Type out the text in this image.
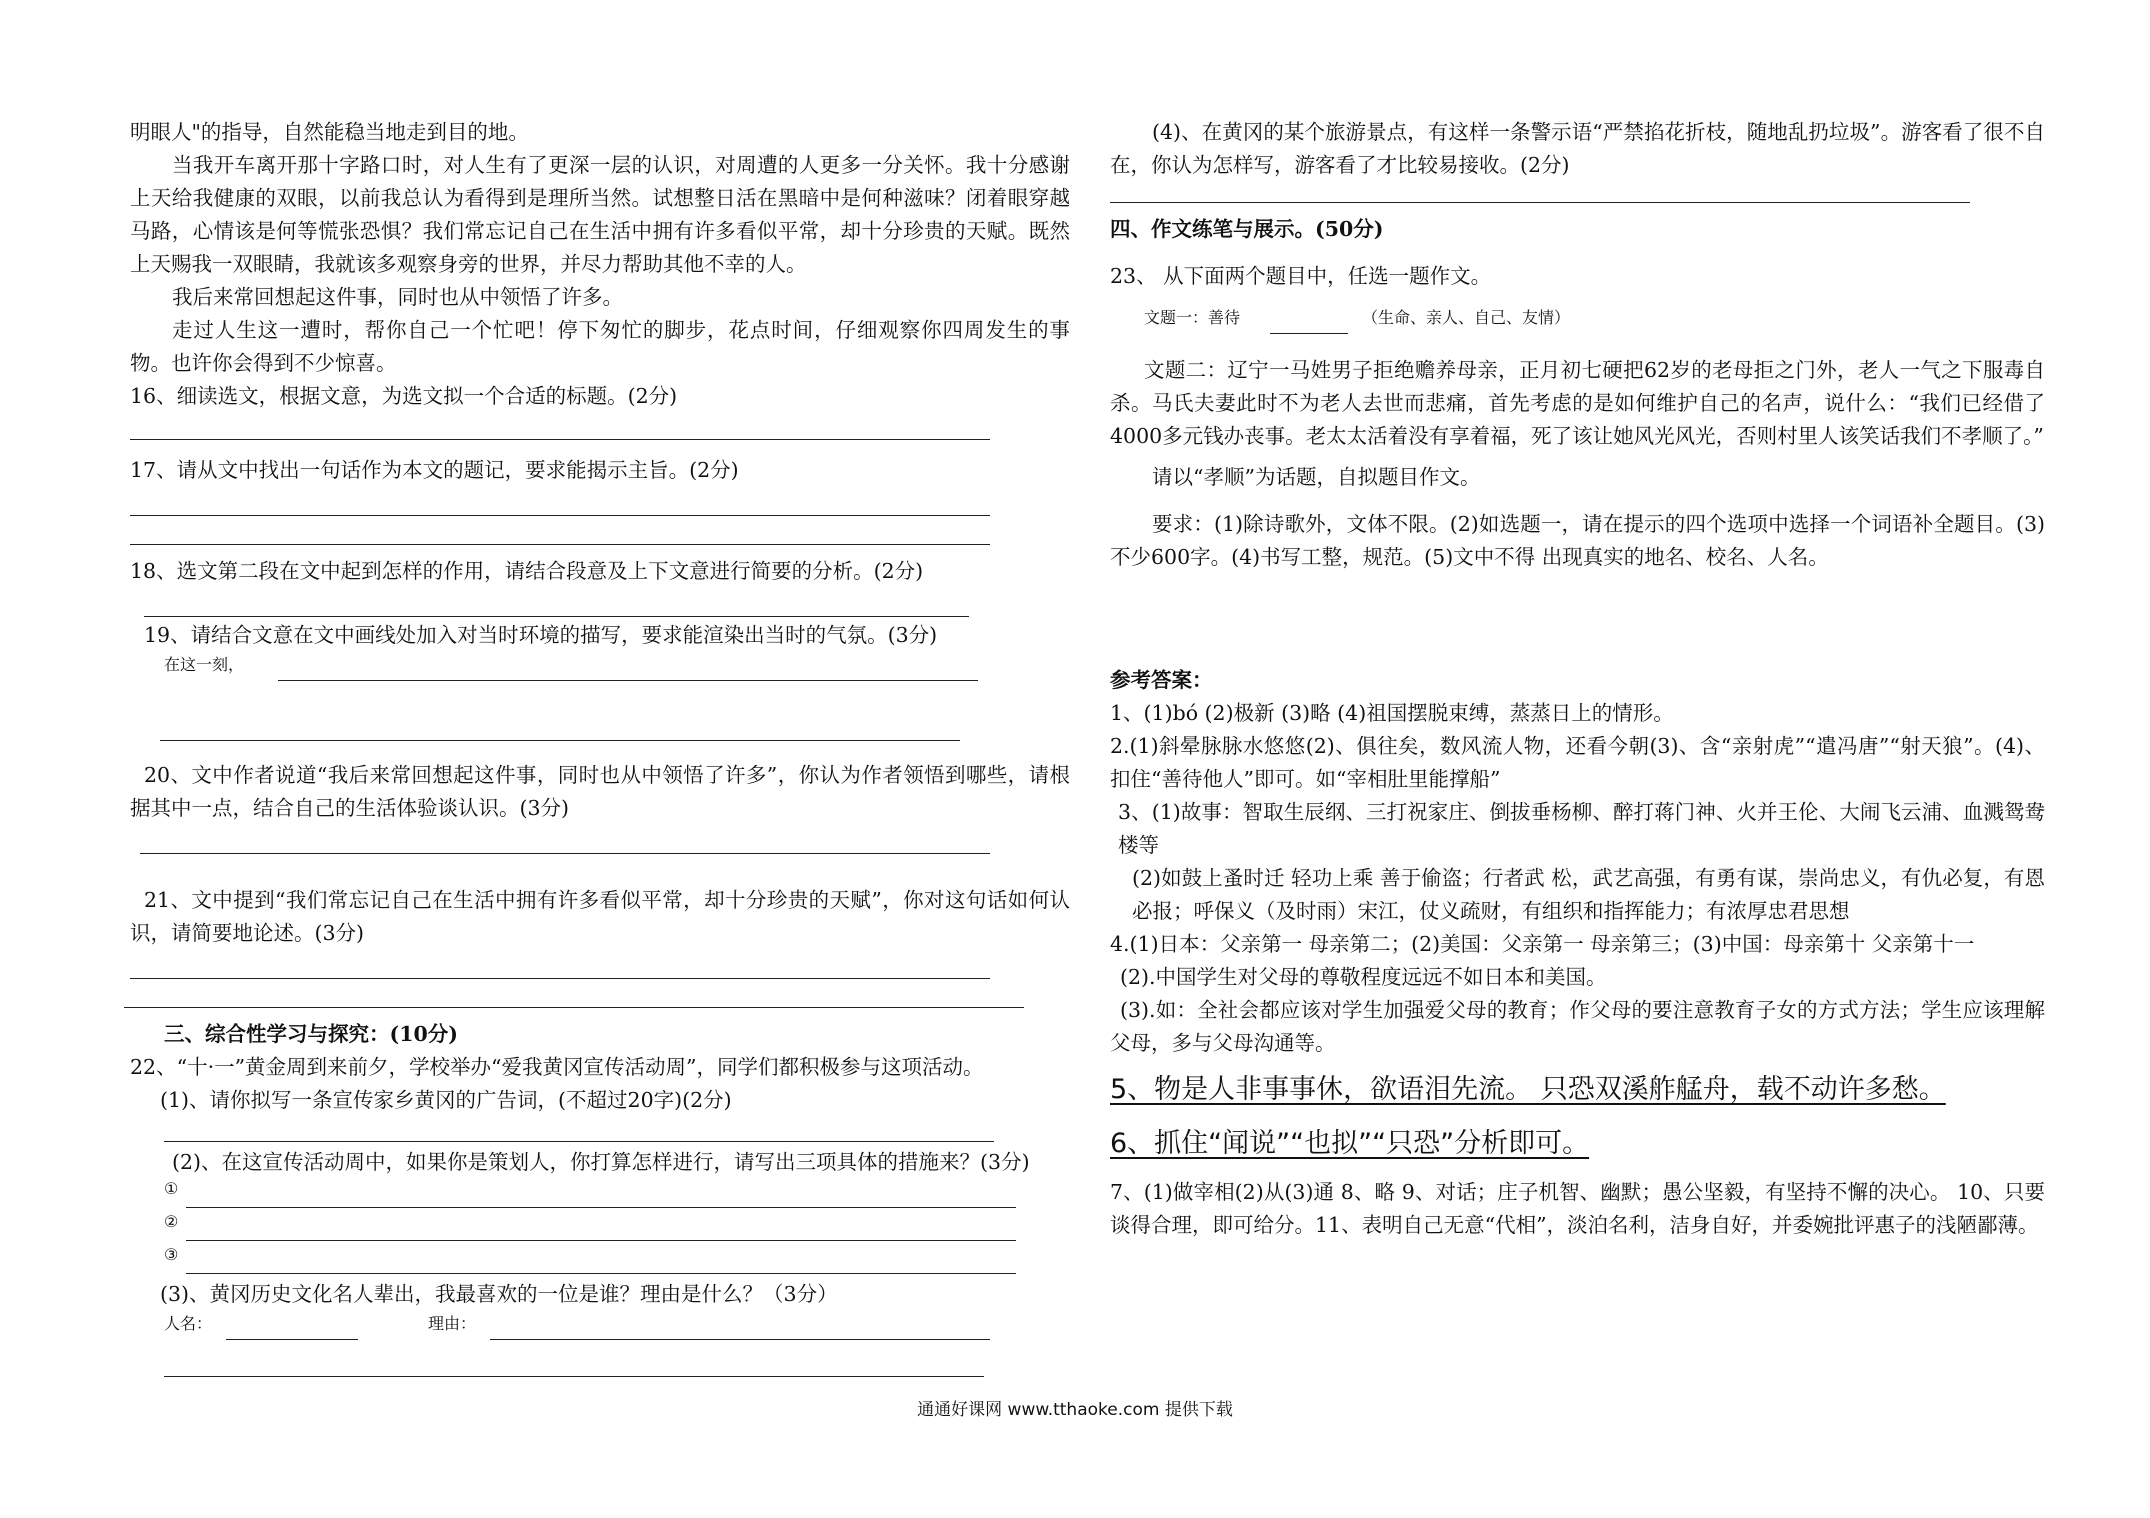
明眼人"的指导，自然能稳当地走到目的地。

当我开车离开那十字路口时，对人生有了更深一层的认识，对周遭的人更多一分关怀。我十分感谢上天给我健康的双眼，以前我总认为看得到是理所当然。试想整日活在黑暗中是何种滋味？闭着眼穿越马路，心情该是何等慌张恐惧？我们常忘记自己在生活中拥有许多看似平常，却十分珍贵的天赋。既然上天赐我一双眼睛，我就该多观察身旁的世界，并尽力帮助其他不幸的人。

我后来常回想起这件事，同时也从中领悟了许多。

走过人生这一遭时，帮你自己一个忙吧！停下匆忙的脚步，花点时间，仔细观察你四周发生的事物。也许你会得到不少惊喜。

16、细读选文，根据文意，为选文拟一个合适的标题。(2分)

17、请从文中找出一句话作为本文的题记，要求能揭示主旨。(2分)

18、选文第二段在文中起到怎样的作用，请结合段意及上下文意进行简要的分析。(2分)

19、请结合文意在文中画线处加入对当时环境的描写，要求能渲染出当时的气氛。(3分)

在这一刻，

20、文中作者说道“我后来常回想起这件事，同时也从中领悟了许多”，你认为作者领悟到哪些，请根据其中一点，结合自己的生活体验谈认识。(3分)

21、文中提到“我们常忘记自己在生活中拥有许多看似平常，却十分珍贵的天赋”，你对这句话如何认识，请简要地论述。(3分)

三、综合性学习与探究：(10分)

22、“十·一”黄金周到来前夕，学校举办“爱我黄冈宣传活动周”，同学们都积极参与这项活动。

(1)、请你拟写一条宣传家乡黄冈的广告词，(不超过20字)(2分)

(2)、在这宣传活动周中，如果你是策划人，你打算怎样进行，请写出三项具体的措施来？(3分)

①
②
③

(3)、黄冈历史文化名人辈出，我最喜欢的一位是谁？理由是什么？（3分）

人名：	理由：

(4)、在黄冈的某个旅游景点，有这样一条警示语“严禁掐花折枝，随地乱扔垃圾”。游客看了很不自在，你认为怎样写，游客看了才比较易接收。(2分)

四、作文练笔与展示。(50分)

23、 从下面两个题目中，任选一题作文。

文题一：善待	（生命、亲人、自己、友情）

文题二：辽宁一马姓男子拒绝赡养母亲，正月初七硬把62岁的老母拒之门外，老人一气之下服毒自杀。马氏夫妻此时不为老人去世而悲痛，首先考虑的是如何维护自己的名声，说什么：“我们已经借了4000多元钱办丧事。老太太活着没有享着福，死了该让她风光风光，否则村里人该笑话我们不孝顺了。”

请以“孝顺”为话题，自拟题目作文。

要求：(1)除诗歌外，文体不限。(2)如选题一，请在提示的四个选项中选择一个词语补全题目。(3)不少600字。(4)书写工整，规范。(5)文中不得 出现真实的地名、校名、人名。

参考答案：

1、(1)bó (2)极新 (3)略 (4)祖国摆脱束缚，蒸蒸日上的情形。

2.(1)斜晕脉脉水悠悠(2)、俱往矣，数风流人物，还看今朝(3)、含“亲射虎”“遣冯唐”“射天狼”。(4)、扣住“善待他人”即可。如“宰相肚里能撑船”

3、(1)故事：智取生辰纲、三打祝家庄、倒拔垂杨柳、醉打蒋门神、火并王伦、大闹飞云浦、血溅鸳鸯楼等

(2)如鼓上蚤时迁 轻功上乘 善于偷盗；行者武 松，武艺高强，有勇有谋，崇尚忠义，有仇必复，有恩必报；呼保义（及时雨）宋江，仗义疏财，有组织和指挥能力；有浓厚忠君思想

4.(1)日本：父亲第一 母亲第二；(2)美国：父亲第一 母亲第三；(3)中国：母亲第十 父亲第十一

(2).中国学生对父母的尊敬程度远远不如日本和美国。

(3).如：全社会都应该对学生加强爱父母的教育；作父母的要注意教育子女的方式方法；学生应该理解父母，多与父母沟通等。

5、物是人非事事休，欲语泪先流。 只恐双溪舴艋舟，载不动许多愁。

6、抓住“闻说”“也拟”“只恐”分析即可。

7、(1)做宰相(2)从(3)通 8、略 9、对话；庄子机智、幽默；愚公坚毅，有坚持不懈的决心。 10、只要谈得合理，即可给分。11、表明自己无意“代相”，淡泊名利，洁身自好，并委婉批评惠子的浅陋鄙薄。

通通好课网 www.tthaoke.com 提供下载
